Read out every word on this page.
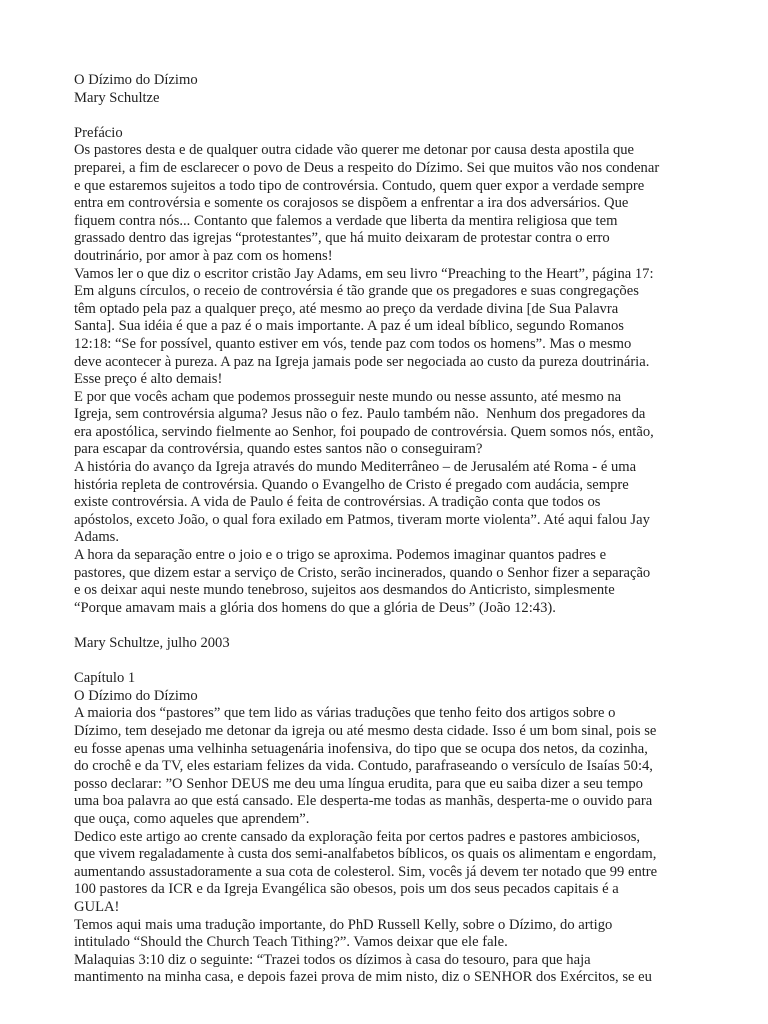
O Dízimo do Dízimo
Mary Schultze
Prefácio
Os pastores desta e de qualquer outra cidade vão querer me detonar por causa desta apostila que
preparei, a fim de esclarecer o povo de Deus a respeito do Dízimo. Sei que muitos vão nos condenar
e que estaremos sujeitos a todo tipo de controvérsia. Contudo, quem quer expor a verdade sempre
entra em controvérsia e somente os corajosos se dispõem a enfrentar a ira dos adversários. Que
fiquem contra nós... Contanto que falemos a verdade que liberta da mentira religiosa que tem
grassado dentro das igrejas “protestantes”, que há muito deixaram de protestar contra o erro
doutrinário, por amor à paz com os homens!
Vamos ler o que diz o escritor cristão Jay Adams, em seu livro “Preaching to the Heart”, página 17:
Em alguns círculos, o receio de controvérsia é tão grande que os pregadores e suas congregações
têm optado pela paz a qualquer preço, até mesmo ao preço da verdade divina [de Sua Palavra
Santa]. Sua idéia é que a paz é o mais importante. A paz é um ideal bíblico, segundo Romanos
12:18: “Se for possível, quanto estiver em vós, tende paz com todos os homens”. Mas o mesmo
deve acontecer à pureza. A paz na Igreja jamais pode ser negociada ao custo da pureza doutrinária.
Esse preço é alto demais!
E por que vocês acham que podemos prosseguir neste mundo ou nesse assunto, até mesmo na
Igreja, sem controvérsia alguma? Jesus não o fez. Paulo também não.  Nenhum dos pregadores da
era apostólica, servindo fielmente ao Senhor, foi poupado de controvérsia. Quem somos nós, então,
para escapar da controvérsia, quando estes santos não o conseguiram?
A história do avanço da Igreja através do mundo Mediterrâneo – de Jerusalém até Roma - é uma
história repleta de controvérsia. Quando o Evangelho de Cristo é pregado com audácia, sempre
existe controvérsia. A vida de Paulo é feita de controvérsias. A tradição conta que todos os
apóstolos, exceto João, o qual fora exilado em Patmos, tiveram morte violenta”. Até aqui falou Jay
Adams.
A hora da separação entre o joio e o trigo se aproxima. Podemos imaginar quantos padres e
pastores, que dizem estar a serviço de Cristo, serão incinerados, quando o Senhor fizer a separação
e os deixar aqui neste mundo tenebroso, sujeitos aos desmandos do Anticristo, simplesmente
“Porque amavam mais a glória dos homens do que a glória de Deus” (João 12:43).
Mary Schultze, julho 2003
Capítulo 1
O Dízimo do Dízimo
A maioria dos “pastores” que tem lido as várias traduções que tenho feito dos artigos sobre o
Dízimo, tem desejado me detonar da igreja ou até mesmo desta cidade. Isso é um bom sinal, pois se
eu fosse apenas uma velhinha setuagenária inofensiva, do tipo que se ocupa dos netos, da cozinha,
do crochê e da TV, eles estariam felizes da vida. Contudo, parafraseando o versículo de Isaías 50:4,
posso declarar: ”O Senhor DEUS me deu uma língua erudita, para que eu saiba dizer a seu tempo
uma boa palavra ao que está cansado. Ele desperta-me todas as manhãs, desperta-me o ouvido para
que ouça, como aqueles que aprendem”.
Dedico este artigo ao crente cansado da exploração feita por certos padres e pastores ambiciosos,
que vivem regaladamente à custa dos semi-analfabetos bíblicos, os quais os alimentam e engordam,
aumentando assustadoramente a sua cota de colesterol. Sim, vocês já devem ter notado que 99 entre
100 pastores da ICR e da Igreja Evangélica são obesos, pois um dos seus pecados capitais é a
GULA!
Temos aqui mais uma tradução importante, do PhD Russell Kelly, sobre o Dízimo, do artigo
intitulado “Should the Church Teach Tithing?”. Vamos deixar que ele fale.
Malaquias 3:10 diz o seguinte: “Trazei todos os dízimos à casa do tesouro, para que haja
mantimento na minha casa, e depois fazei prova de mim nisto, diz o SENHOR dos Exércitos, se eu
